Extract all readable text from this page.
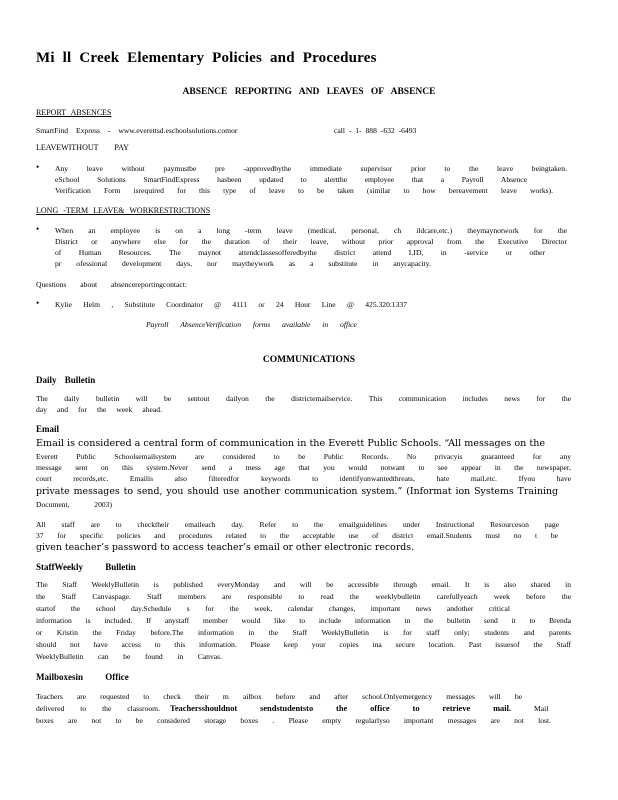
Mi ll Creek Elementary Policies and Procedures
ABSENCE REPORTING AND LEAVES OF ABSENCE
REPORT ABSENCES
SmartFind Express - www.everettsd.eschoolsolutions.comor	call - 1- 888 -632 -6493
LEAVEWITHOUT PAY
• Any leave without paymustbe pre -approvedbythe immediate supervisor prior to the leave beingtaken.
eSchool Solutions SmartFindExpress hasbeen updated to alertthe employee that a Payroll Absence
Verification Form isrequired for this type of leave to be taken (similar to how bereavement leave works).
LONG -TERM LEAVE& WORKRESTRICTIONS
• When an employee is on a long -term leave (medical, personal, ch ildcare,etc.) theymaynotwork for the
District or anywhere else for the duration of their leave, without prior approval from the Executive Director
of Human Resources. The maynot attendclassesofferedbythe district attend LID, in -service or other
pr ofessional development days, nor maytheywork as a substitute in anycapacity.
Questions about absencereportingcontact:
• Kylie Helm , Substitute Coordinator @ 4111 or 24 Hour Line @ 425.320.1337
Payroll AbsenceVerification forms available in office
COMMUNICATIONS
Daily Bulletin
The daily bulletin will be sentout dailyon the districtemailservice. This communication includes news for the
day and for the week ahead.
Email
Email is considered a central form of communication in the Everett Public Schools. “All messages on the
Everett Public Schoolsemailsystem are considered to be Public Records. No privacyis guaranteed for any
message sent on this system.Never send a mess age that you would notwant to see appear in the newspaper,
court records,etc. Emailis also filteredfor keywords to identifyunwantedthreats, hate mail,etc. Ifyou have
private messages to send, you should use another communication system.” (Informat ion Systems Training
Document, 2003)
All staff are to checktheir emaileach day. Refer to the emailguidelines under Instructional Resourceson page
37 for specific policies and procedures related to the acceptable use of district email.Students must no t be
given teacher’s password to access teacher’s email or other electronic records.
StaffWeekly Bulletin
The Staff WeeklyBulletin is published everyMonday and will be accessible through email. It is also shared in
the Staff Canvaspage. Staff members are responsible to read the weeklybulletin carefullyeach week before the
startof the school day.Schedule s for the week, calendar changes, important news andother critical
information is included. If anystaff member would like to include information in the bulletin send it to Brenda
or Kristin the Friday before.The information in the Staff WeeklyBulletin is for staff only; students and parents
should not have access to this information. Please keep your copies ina secure location. Past issuesof the Staff
WeeklyBulletin can be found in Canvas.
Mailboxesin Office
Teachers are requested to check their m ailbox before and after school.Onlyemergency messages will be
delivered to the classroom. Teachersshouldnot sendstudentsto the office to retrieve mail.	Mail
boxes are not to be considered storage boxes . Please empty regularlyso important messages are not lost.
